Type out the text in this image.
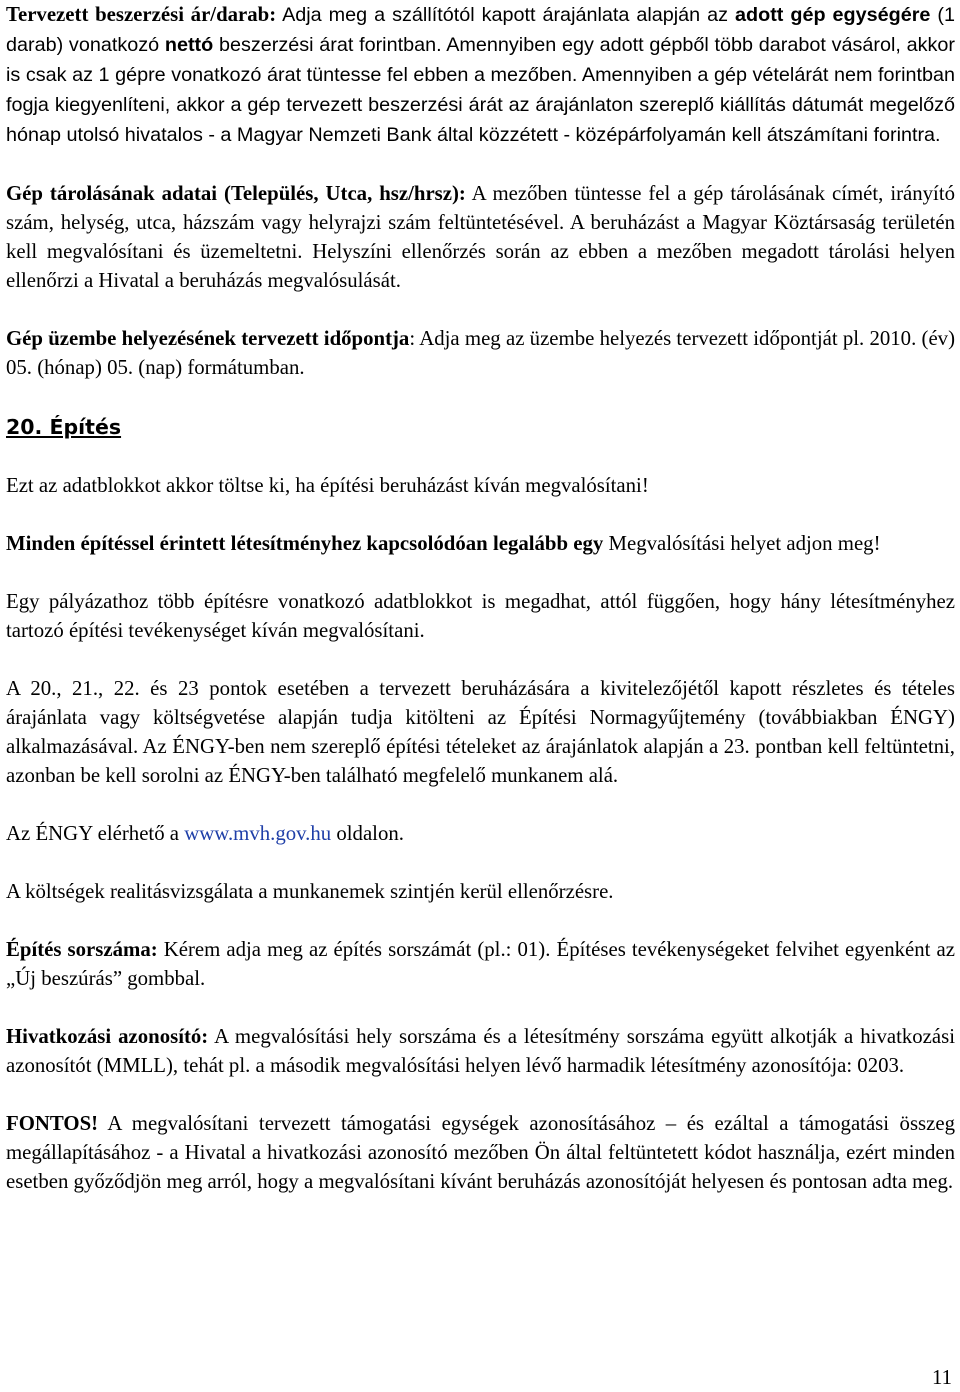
Tervezett beszerzési ár/darab: Adja meg a szállítótól kapott árajánlata alapján az adott gép egységére (1 darab) vonatkozó nettó beszerzési árat forintban. Amennyiben egy adott gépből több darabot vásárol, akkor is csak az 1 gépre vonatkozó árat tüntesse fel ebben a mezőben. Amennyiben a gép vételárát nem forintban fogja kiegyenlíteni, akkor a gép tervezett beszerzési árát az árajánlaton szereplő kiállítás dátumát megelőző hónap utolsó hivatalos - a Magyar Nemzeti Bank által közzétett - középárfolyamán kell átszámítani forintra.

Gép tárolásának adatai (Település, Utca, hsz/hrsz): A mezőben tüntesse fel a gép tárolásának címét, irányító szám, helység, utca, házszám vagy helyrajzi szám feltüntetésével. A beruházást a Magyar Köztársaság területén kell megvalósítani és üzemeltetni. Helyszíni ellenőrzés során az ebben a mezőben megadott tárolási helyen ellenőrzi a Hivatal a beruházás megvalósulását.

Gép üzembe helyezésének tervezett időpontja: Adja meg az üzembe helyezés tervezett időpontját pl. 2010. (év) 05. (hónap) 05. (nap) formátumban.

20. Építés

Ezt az adatblokkot akkor töltse ki, ha építési beruházást kíván megvalósítani!

Minden építéssel érintett létesítményhez kapcsolódóan legalább egy Megvalósítási helyet adjon meg!

Egy pályázathoz több építésre vonatkozó adatblokkot is megadhat, attól függően, hogy hány létesítményhez tartozó építési tevékenységet kíván megvalósítani.

A 20., 21., 22. és 23 pontok esetében a tervezett beruházására a kivitelezőjétől kapott részletes és tételes árajánlata vagy költségvetése alapján tudja kitölteni az Építési Normagyűjtemény (továbbiakban ÉNGY) alkalmazásával. Az ÉNGY-ben nem szereplő építési tételeket az árajánlatok alapján a 23. pontban kell feltüntetni, azonban be kell sorolni az ÉNGY-ben található megfelelő munkanem alá.

Az ÉNGY elérhető a www.mvh.gov.hu oldalon.

A költségek realitásvizsgálata a munkanemek szintjén kerül ellenőrzésre.

Építés sorszáma: Kérem adja meg az építés sorszámát (pl.: 01). Építéses tevékenységeket felvihet egyenként az „Új beszúrás” gombbal.

Hivatkozási azonosító: A megvalósítási hely sorszáma és a létesítmény sorszáma együtt alkotják a hivatkozási azonosítót (MMLL), tehát pl. a második megvalósítási helyen lévő harmadik létesítmény azonosítója: 0203.

FONTOS! A megvalósítani tervezett támogatási egységek azonosításához – és ezáltal a támogatási összeg megállapításához - a Hivatal a hivatkozási azonosító mezőben Ön által feltüntetett kódot használja, ezért minden esetben győződjön meg arról, hogy a megvalósítani kívánt beruházás azonosítóját helyesen és pontosan adta meg.

11
